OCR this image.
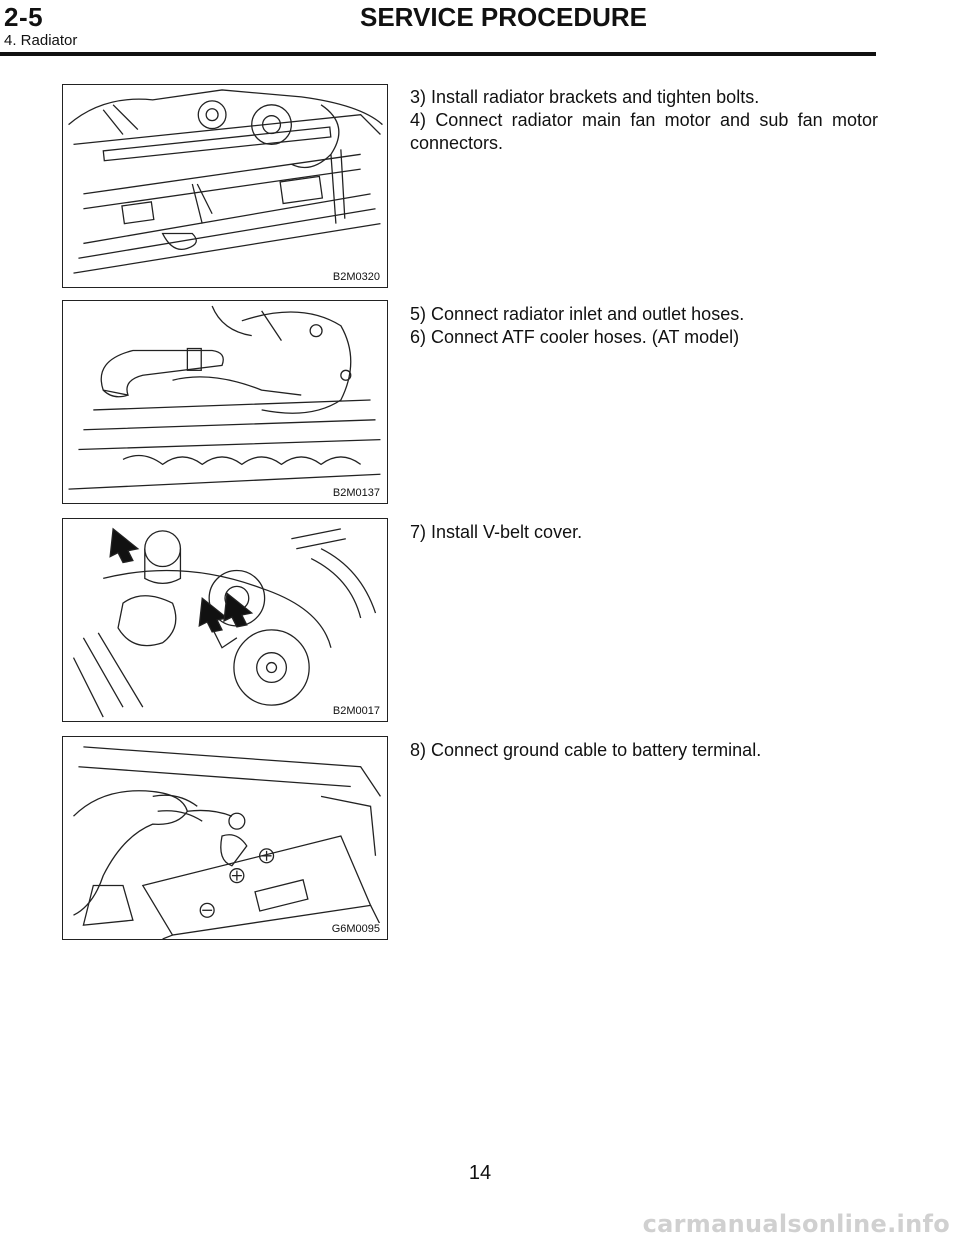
2-5	SERVICE PROCEDURE
4. Radiator
B2M0320
B2M0137
B2M0017
G6M0095

3) Install radiator brackets and tighten bolts.

4) Connect radiator main fan motor and sub fan motor connectors.

5) Connect radiator inlet and outlet hoses.

6) Connect ATF cooler hoses. (AT model)

7) Install V-belt cover.

8) Connect ground cable to battery terminal.

14
carmanualsonline.info
